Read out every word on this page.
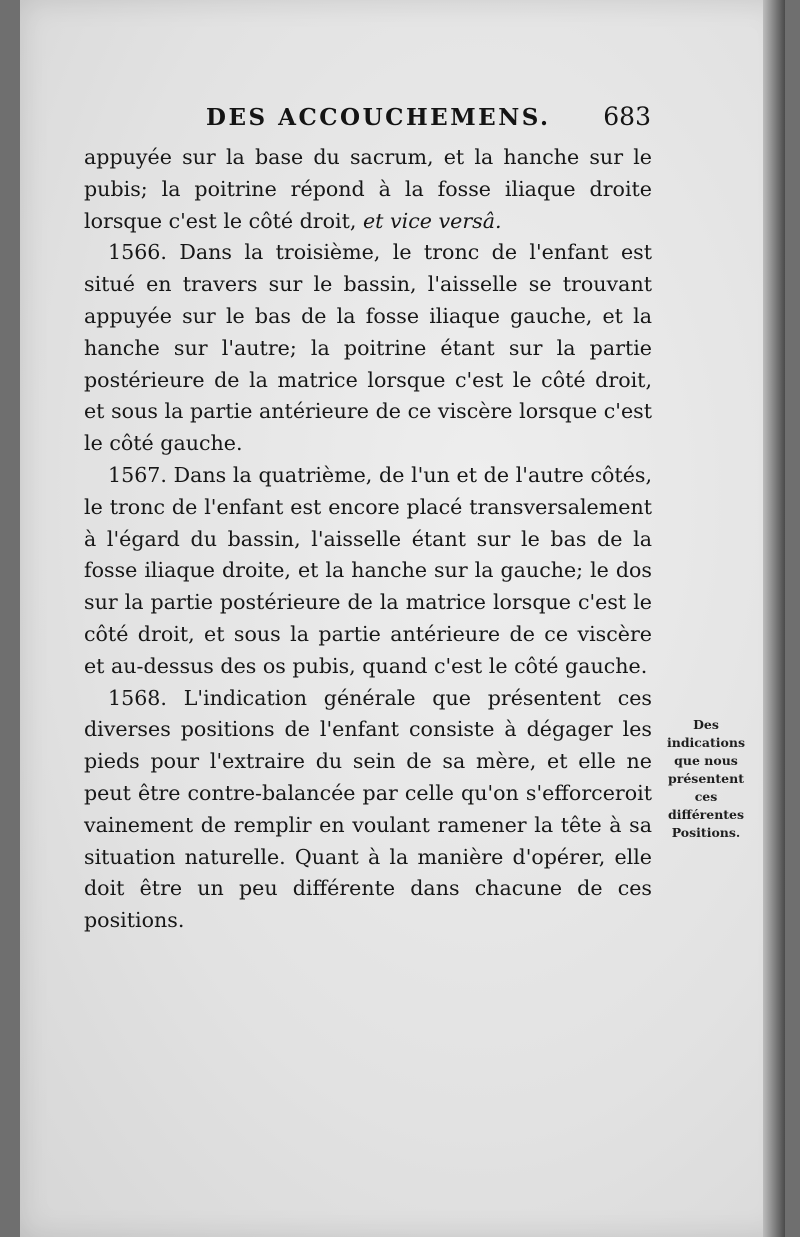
DES ACCOUCHEMENS. 683

appuyée sur la base du sacrum, et la hanche sur le pubis; la poitrine répond à la fosse iliaque droite lorsque c'est le côté droit, et vice versâ.

1566. Dans la troisième, le tronc de l'enfant est situé en travers sur le bassin, l'aisselle se trouvant appuyée sur le bas de la fosse iliaque gauche, et la hanche sur l'autre; la poitrine étant sur la partie postérieure de la matrice lorsque c'est le côté droit, et sous la partie antérieure de ce viscère lorsque c'est le côté gauche.

1567. Dans la quatrième, de l'un et de l'autre côtés, le tronc de l'enfant est encore placé transversalement à l'égard du bassin, l'aisselle étant sur le bas de la fosse iliaque droite, et la hanche sur la gauche; le dos sur la partie postérieure de la matrice lorsque c'est le côté droit, et sous la partie antérieure de ce viscère et au-dessus des os pubis, quand c'est le côté gauche.

1568. L'indication générale que présentent ces diverses positions de l'enfant consiste à dégager les pieds pour l'extraire du sein de sa mère, et elle ne peut être contre-balancée par celle qu'on s'efforceroit vainement de remplir en voulant ramener la tête à sa situation naturelle. Quant à la manière d'opérer, elle doit être un peu différente dans chacune de ces positions.

Des indications que nous présentent ces différentes Positions.
